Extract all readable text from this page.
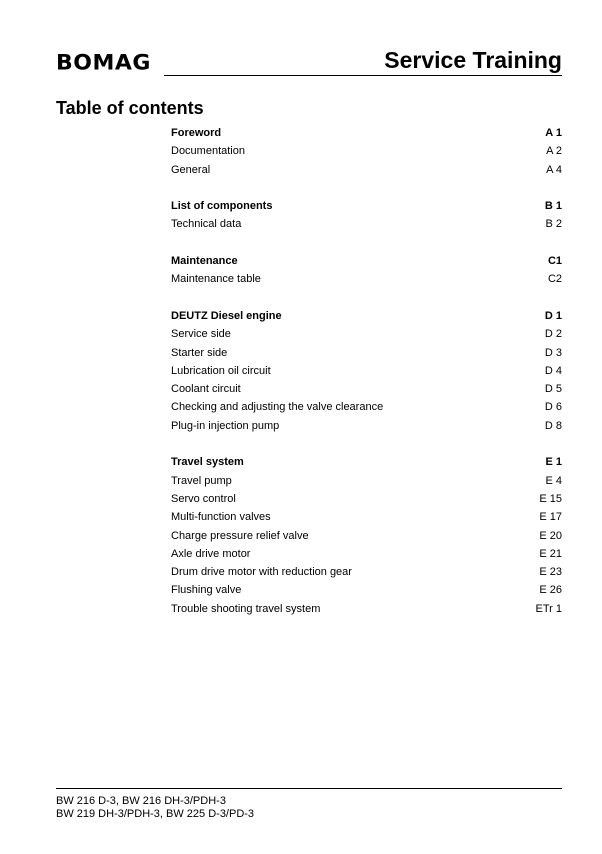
BOMAG	Service Training
Table of contents
Foreword	A 1
Documentation	A 2
General	A 4
List of components	B 1
Technical data	B 2
Maintenance	C1
Maintenance table	C2
DEUTZ Diesel engine	D 1
Service side	D 2
Starter side	D 3
Lubrication oil circuit	D 4
Coolant circuit	D 5
Checking and adjusting the valve clearance	D 6
Plug-in injection pump	D 8
Travel system	E 1
Travel pump	E 4
Servo control	E 15
Multi-function valves	E 17
Charge pressure relief valve	E 20
Axle drive motor	E 21
Drum drive motor with reduction gear	E 23
Flushing valve	E 26
Trouble shooting travel system	ETr 1
BW 216 D-3, BW 216 DH-3/PDH-3
BW 219 DH-3/PDH-3, BW 225 D-3/PD-3
